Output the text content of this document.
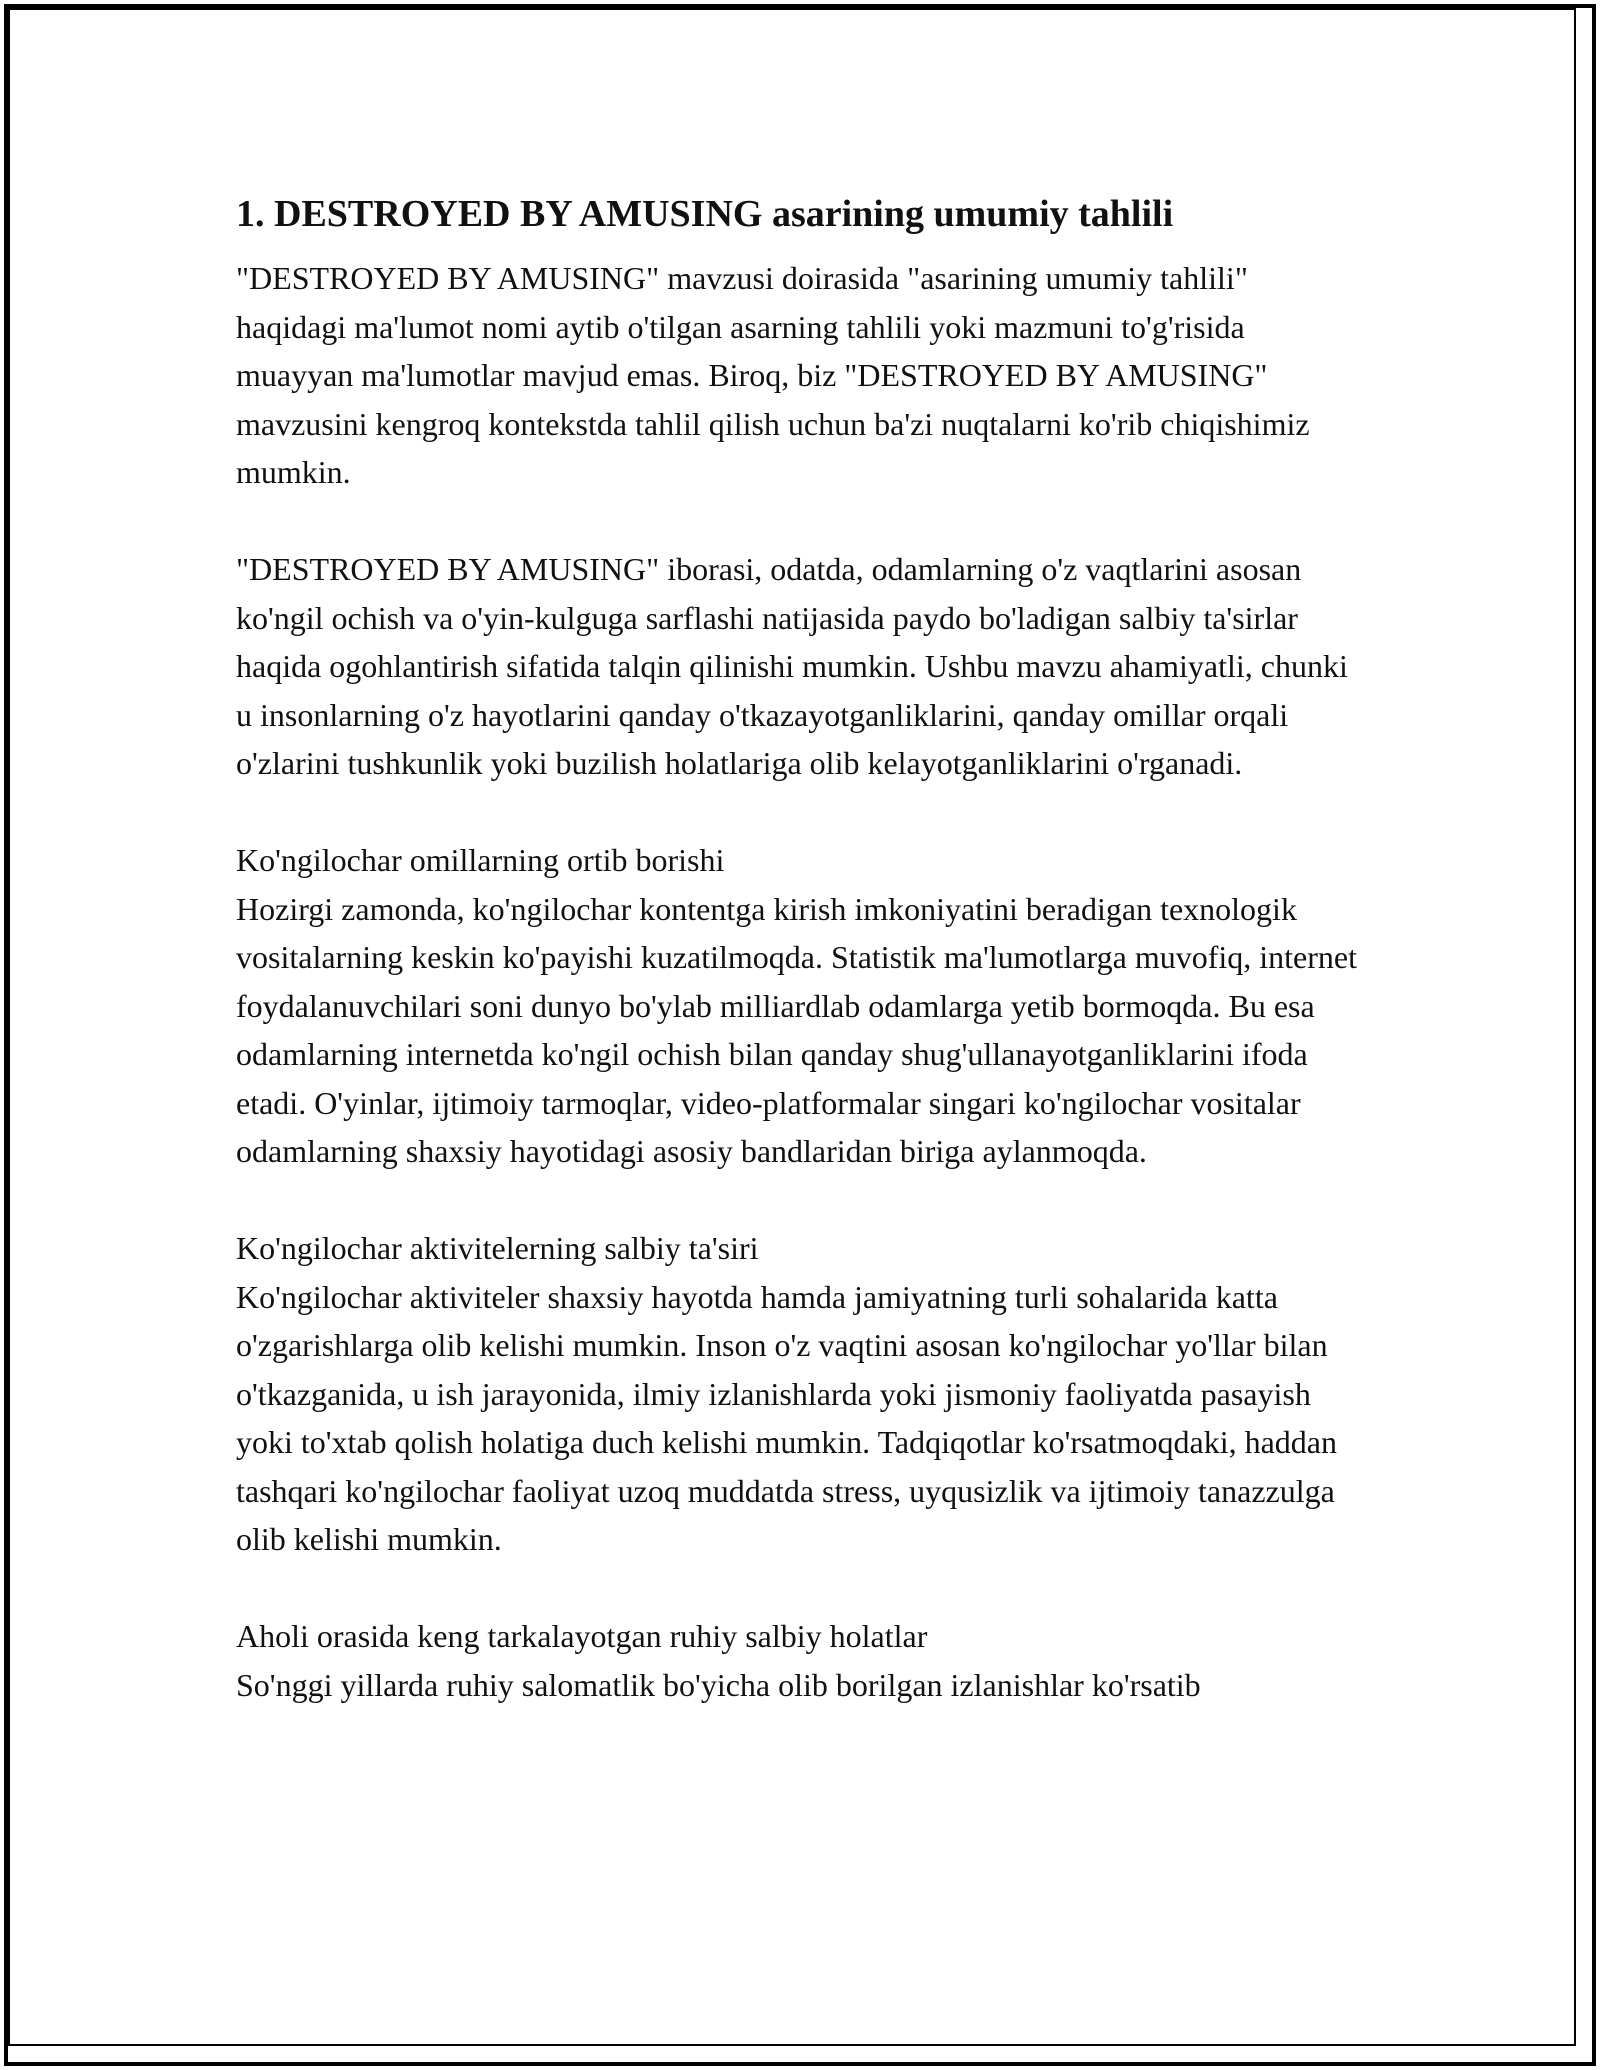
1. DESTROYED BY AMUSING asarining umumiy tahlili

"DESTROYED BY AMUSING" mavzusi doirasida "asarining umumiy tahlili" haqidagi ma'lumot nomi aytib o'tilgan asarning tahlili yoki mazmuni to'g'risida muayyan ma'lumotlar mavjud emas. Biroq, biz "DESTROYED BY AMUSING" mavzusini kengroq kontekstda tahlil qilish uchun ba'zi nuqtalarni ko'rib chiqishimiz mumkin.

"DESTROYED BY AMUSING" iborasi, odatda, odamlarning o'z vaqtlarini asosan ko'ngil ochish va o'yin-kulguga sarflashi natijasida paydo bo'ladigan salbiy ta'sirlar haqida ogohlantirish sifatida talqin qilinishi mumkin. Ushbu mavzu ahamiyatli, chunki u insonlarning o'z hayotlarini qanday o'tkazayotganliklarini, qanday omillar orqali o'zlarini tushkunlik yoki buzilish holatlariga olib kelayotganliklarini o'rganadi.

Ko'ngilochar omillarning ortib borishi
Hozirgi zamonda, ko'ngilochar kontentga kirish imkoniyatini beradigan texnologik vositalarning keskin ko'payishi kuzatilmoqda. Statistik ma'lumotlarga muvofiq, internet foydalanuvchilari soni dunyo bo'ylab milliardlab odamlarga yetib bormoqda. Bu esa odamlarning internetda ko'ngil ochish bilan qanday shug'ullanayotganliklarini ifoda etadi. O'yinlar, ijtimoiy tarmoqlar, video-platformalar singari ko'ngilochar vositalar odamlarning shaxsiy hayotidagi asosiy bandlaridan biriga aylanmoqda.

Ko'ngilochar aktivitelerning salbiy ta'siri
Ko'ngilochar aktiviteler shaxsiy hayotda hamda jamiyatning turli sohalarida katta o'zgarishlarga olib kelishi mumkin. Inson o'z vaqtini asosan ko'ngilochar yo'llar bilan o'tkazganida, u ish jarayonida, ilmiy izlanishlarda yoki jismoniy faoliyatda pasayish yoki to'xtab qolish holatiga duch kelishi mumkin. Tadqiqotlar ko'rsatmoqdaki, haddan tashqari ko'ngilochar faoliyat uzoq muddatda stress, uyqusizlik va ijtimoiy tanazzulga olib kelishi mumkin.

Aholi orasida keng tarkalayotgan ruhiy salbiy holatlar
So'nggi yillarda ruhiy salomatlik bo'yicha olib borilgan izlanishlar ko'rsatib
